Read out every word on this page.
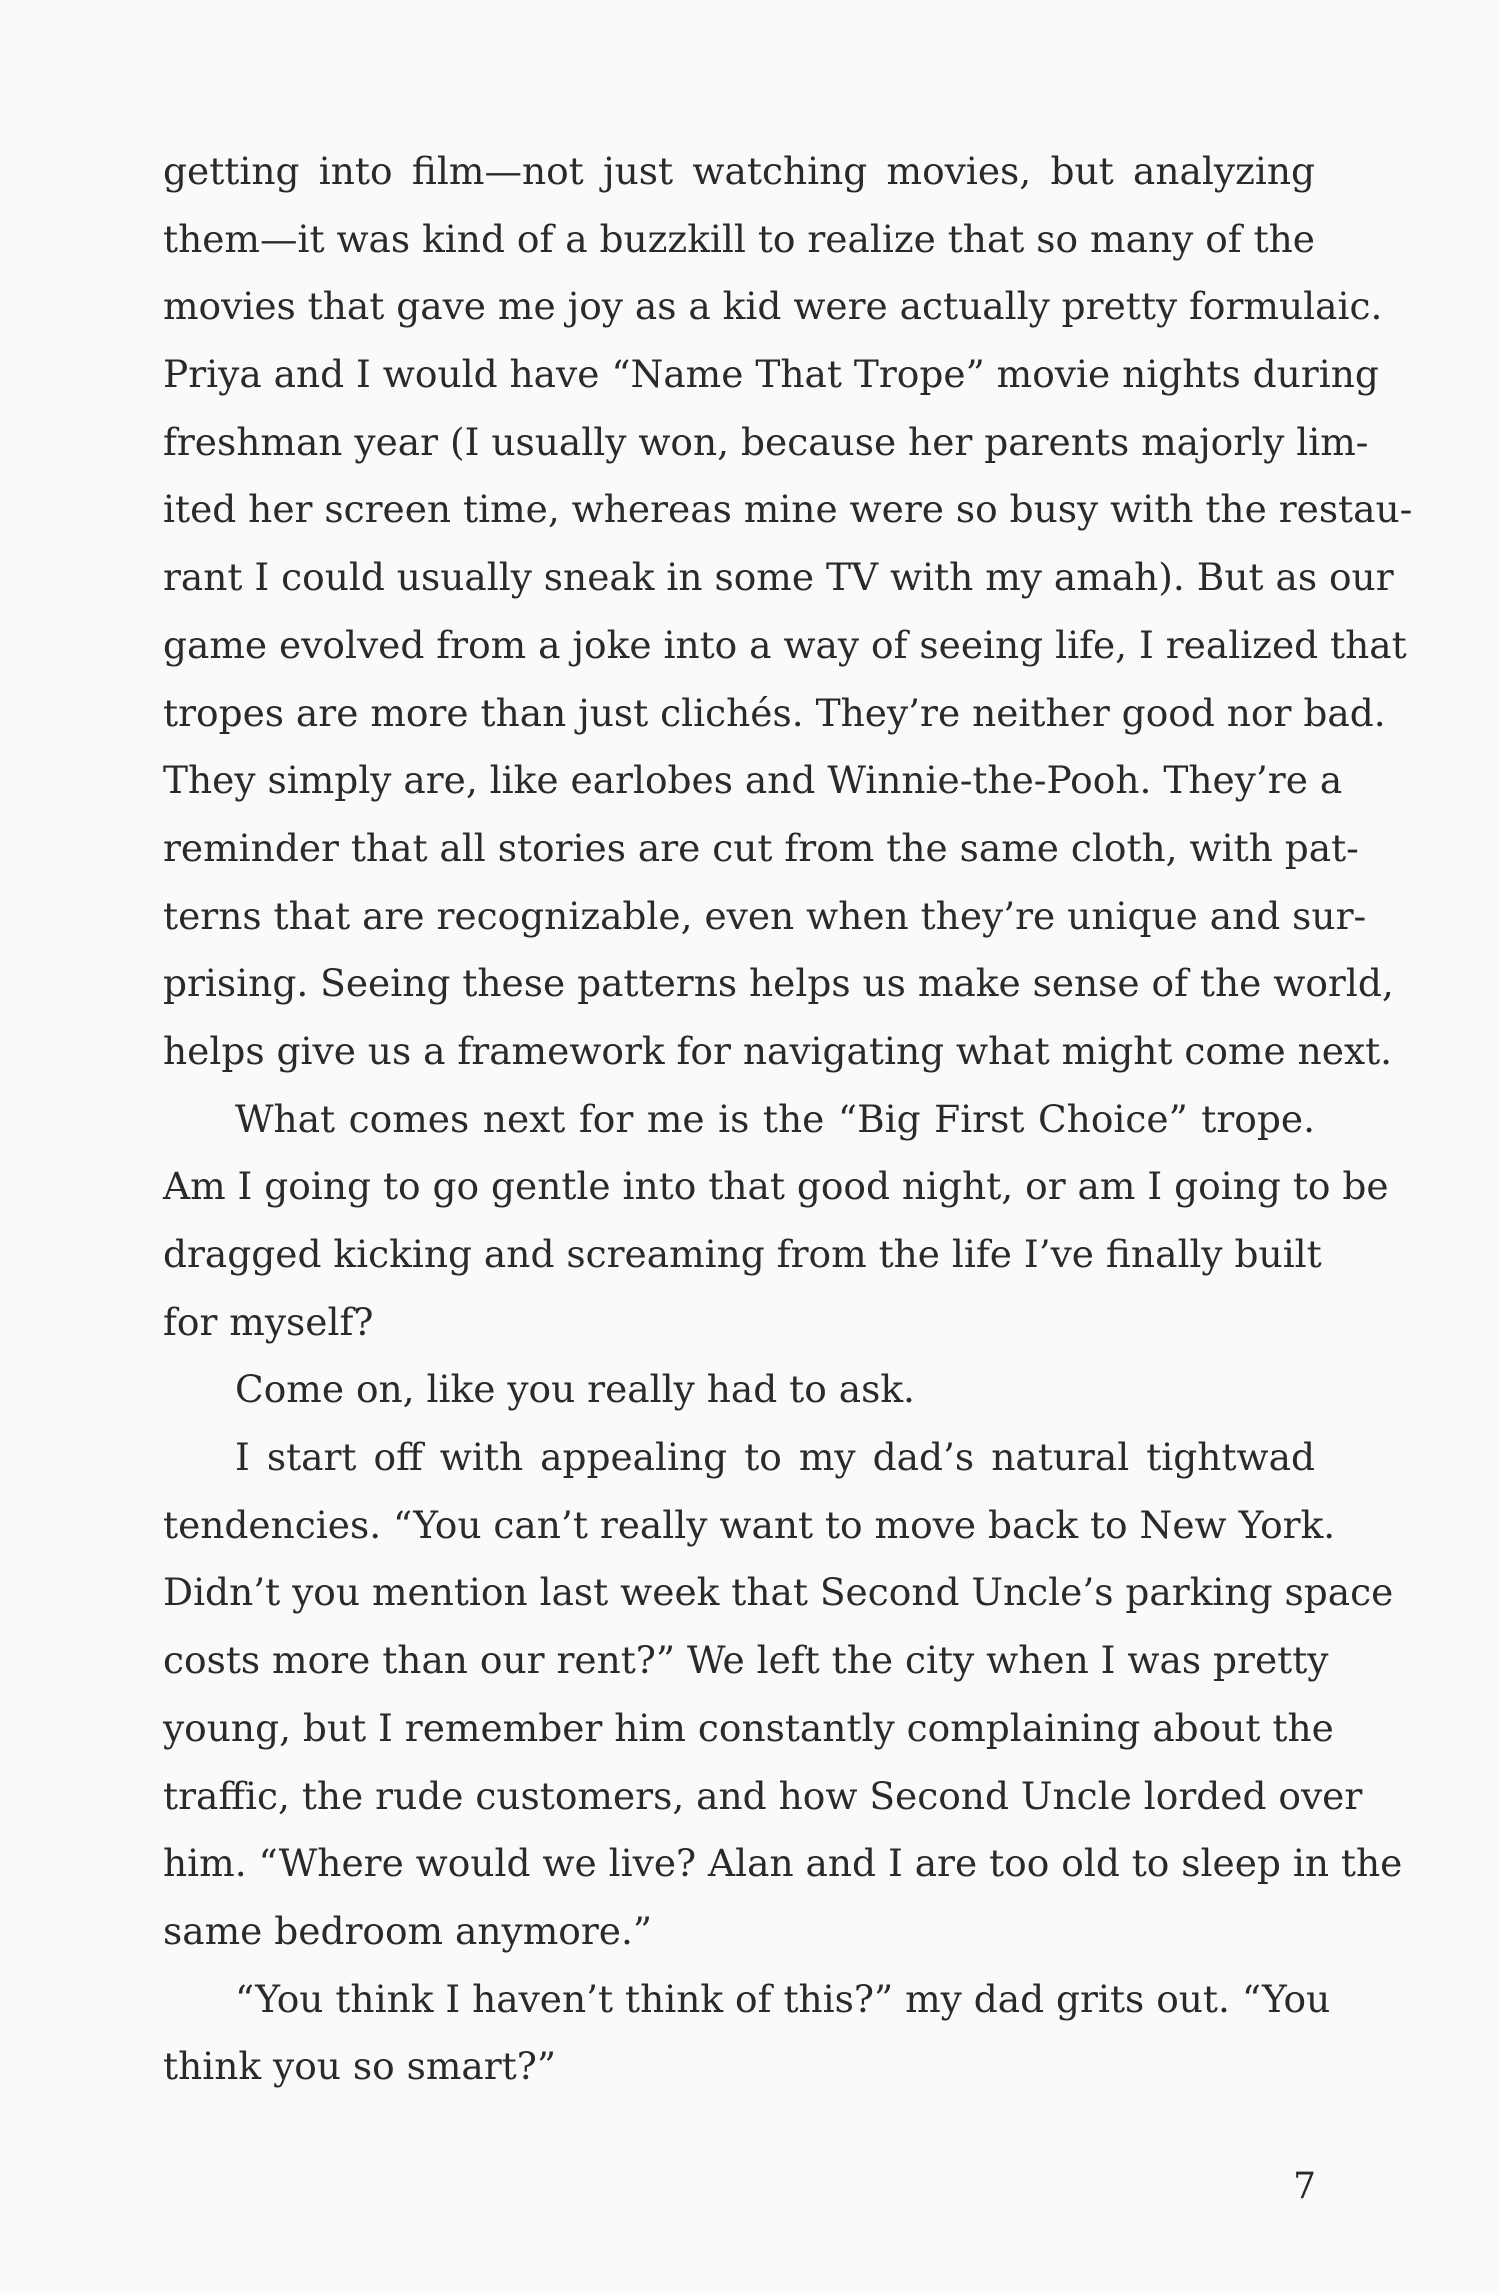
getting into film—not just watching movies, but analyzing
them—it was kind of a buzzkill to realize that so many of the
movies that gave me joy as a kid were actually pretty formulaic.
Priya and I would have “Name That Trope” movie nights during
freshman year (I usually won, because her parents majorly lim-
ited her screen time, whereas mine were so busy with the restau-
rant I could usually sneak in some TV with my amah). But as our
game evolved from a joke into a way of seeing life, I realized that
tropes are more than just clichés. They’re neither good nor bad.
They simply are, like earlobes and Winnie-the-Pooh. They’re a
reminder that all stories are cut from the same cloth, with pat-
terns that are recognizable, even when they’re unique and sur-
prising. Seeing these patterns helps us make sense of the world,
helps give us a framework for navigating what might come next.
What comes next for me is the “Big First Choice” trope.
Am I going to go gentle into that good night, or am I going to be
dragged kicking and screaming from the life I’ve finally built
for myself?
Come on, like you really had to ask.
I start off with appealing to my dad’s natural tightwad
tendencies. “You can’t really want to move back to New York.
Didn’t you mention last week that Second Uncle’s parking space
costs more than our rent?” We left the city when I was pretty
young, but I remember him constantly complaining about the
traffic, the rude customers, and how Second Uncle lorded over
him. “Where would we live? Alan and I are too old to sleep in the
same bedroom anymore.”
“You think I haven’t think of this?” my dad grits out. “You
think you so smart?”
7
